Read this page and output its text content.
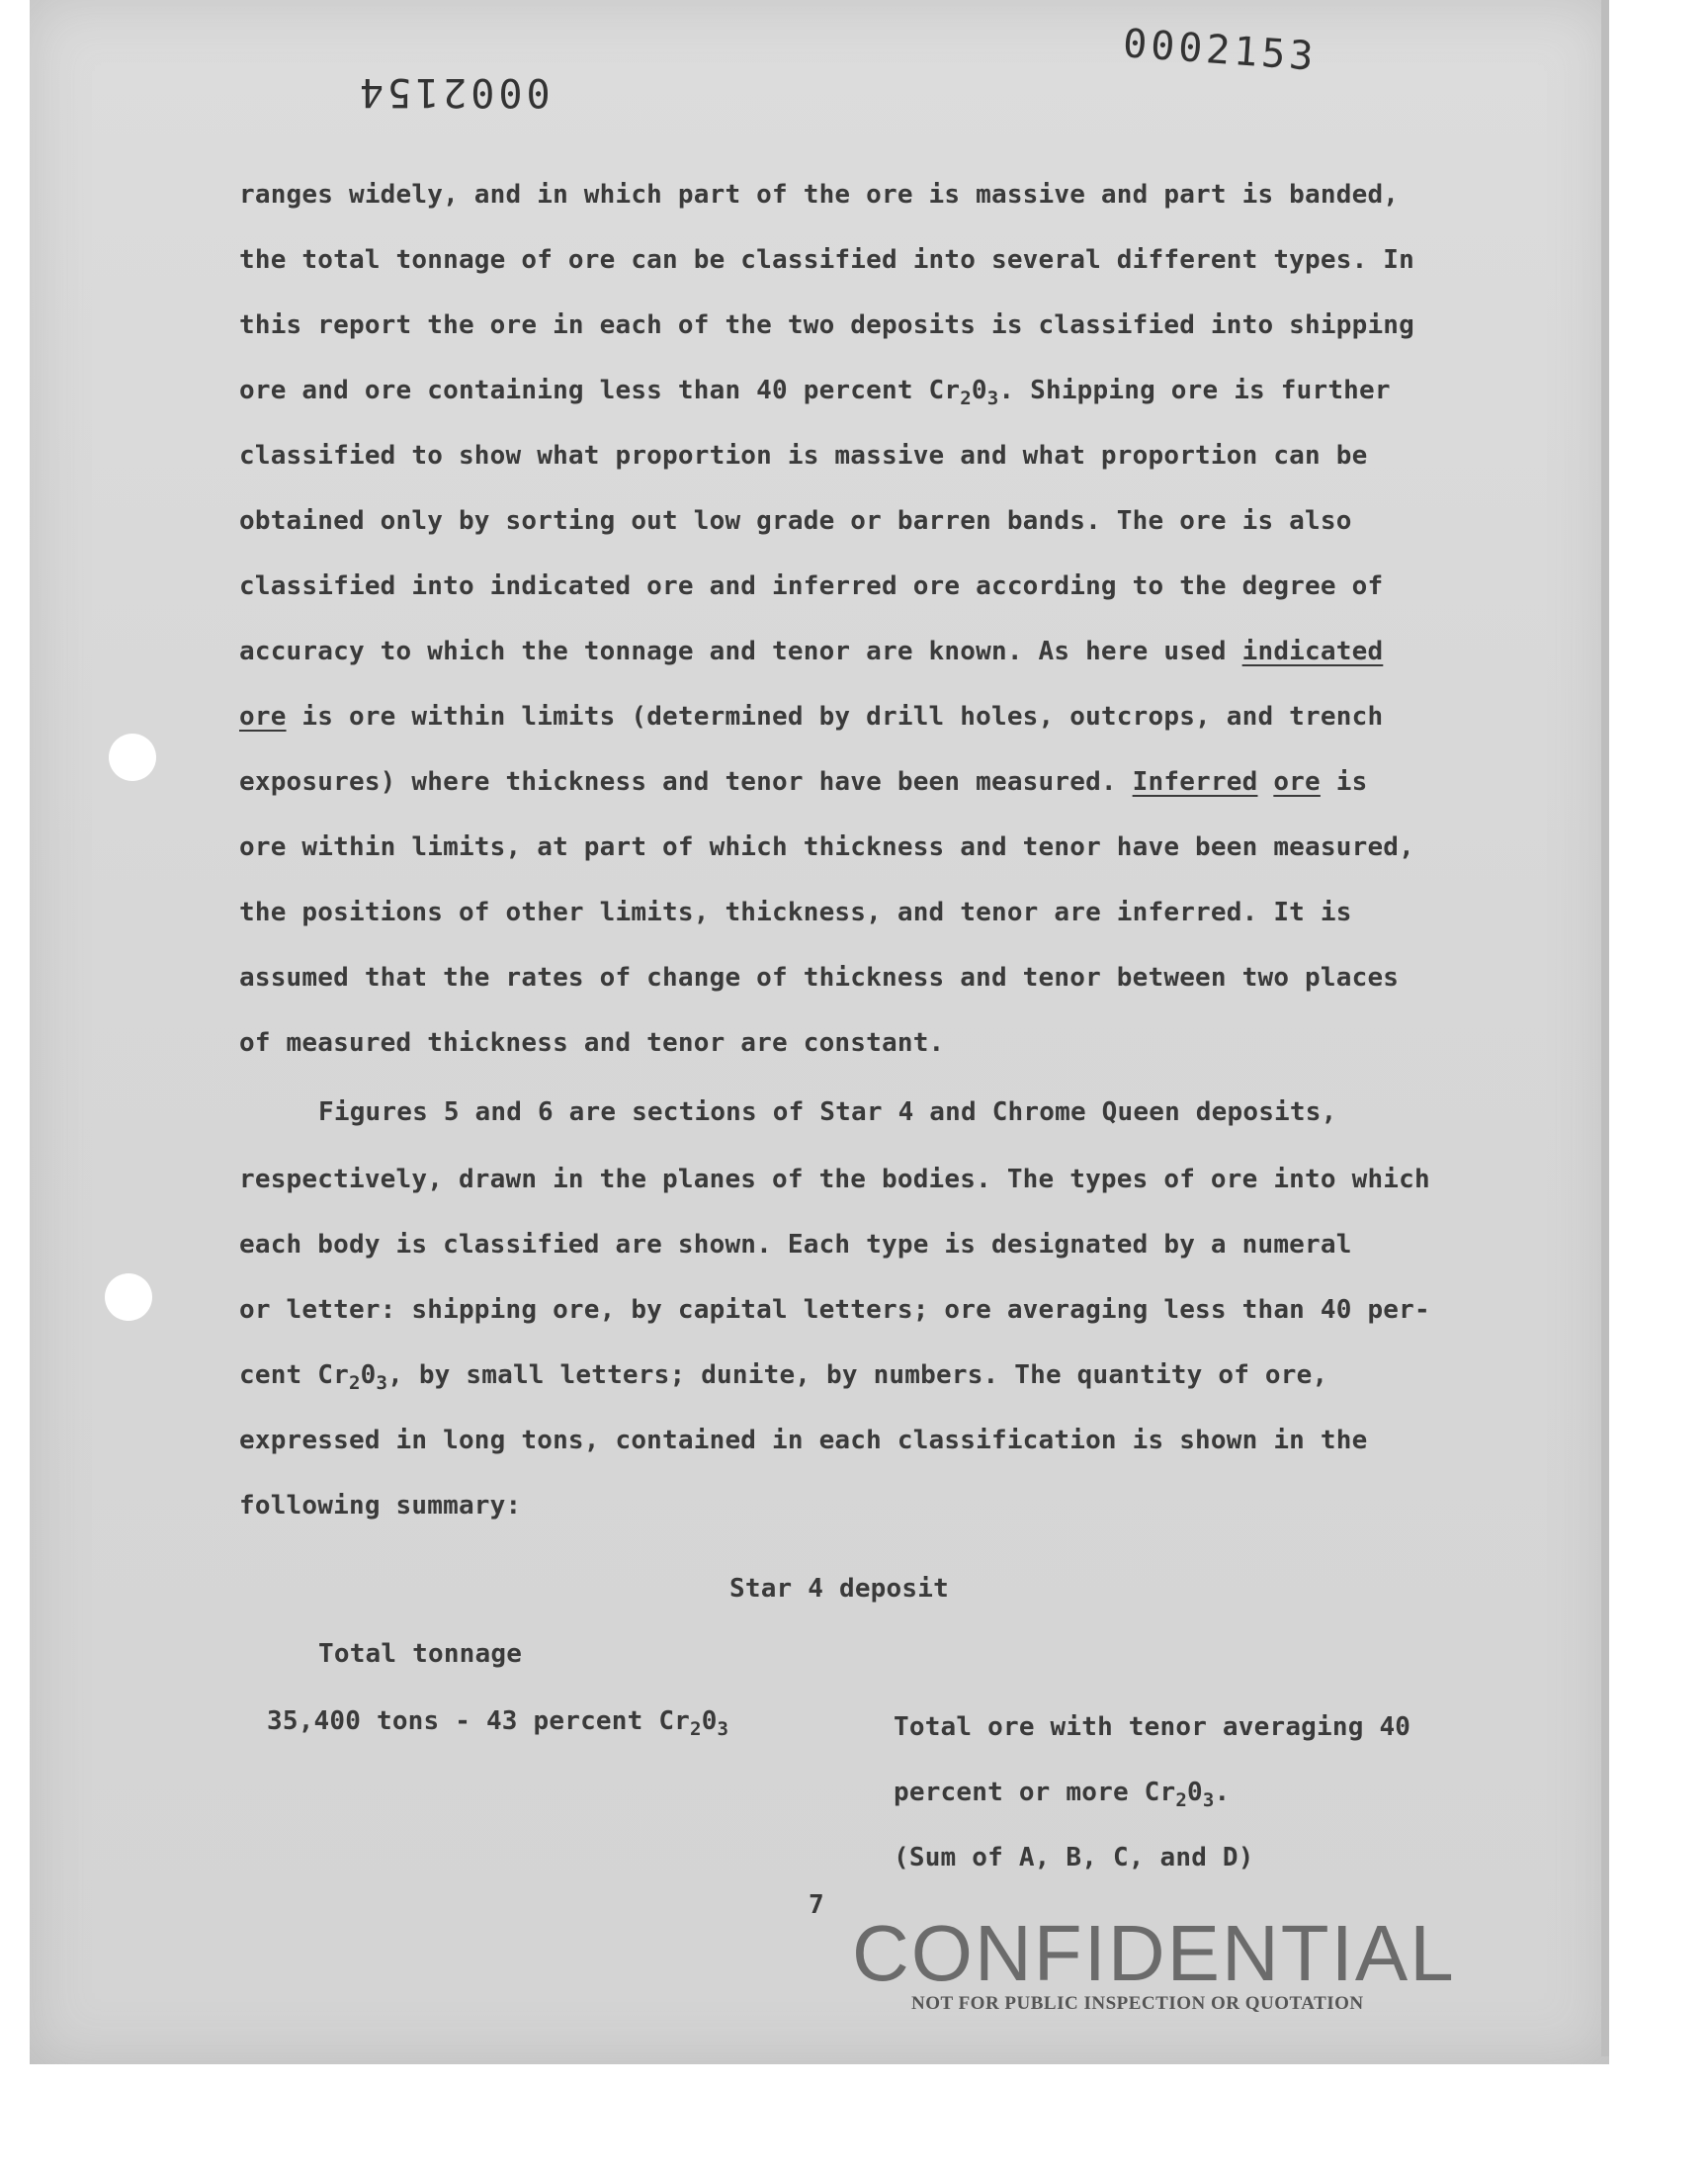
0002153
0002154
ranges widely, and in which part of the ore is massive and part is banded,
the total tonnage of ore can be classified into several different types. In
this report the ore in each of the two deposits is classified into shipping
ore and ore containing less than 40 percent $Cr_20_3$. Shipping ore is further
classified to show what proportion is massive and what proportion can be
obtained only by sorting out low grade or barren bands. The ore is also
classified into indicated ore and inferred ore according to the degree of
accuracy to which the tonnage and tenor are known. As here used indicated
ore is ore within limits (determined by drill holes, outcrops, and trench
exposures) where thickness and tenor have been measured. Inferred ore is
ore within limits, at part of which thickness and tenor have been measured,
the positions of other limits, thickness, and tenor are inferred. It is
assumed that the rates of change of thickness and tenor between two places
of measured thickness and tenor are constant.
Figures 5 and 6 are sections of Star 4 and Chrome Queen deposits,
respectively, drawn in the planes of the bodies. The types of ore into which
each body is classified are shown. Each type is designated by a numeral
or letter: shipping ore, by capital letters; ore averaging less than 40 per-
cent $Cr_20_3$, by small letters; dunite, by numbers. The quantity of ore,
expressed in long tons, contained in each classification is shown in the
following summary:
Star 4 deposit
Total tonnage
35,400 tons - 43 percent $Cr_20_3$	Total ore with tenor averaging 40
percent or more $Cr_20_3$.
(Sum of A, B, C, and D)
7
CONFIDENTIAL
NOT FOR PUBLIC INSPECTION OR QUOTATION
